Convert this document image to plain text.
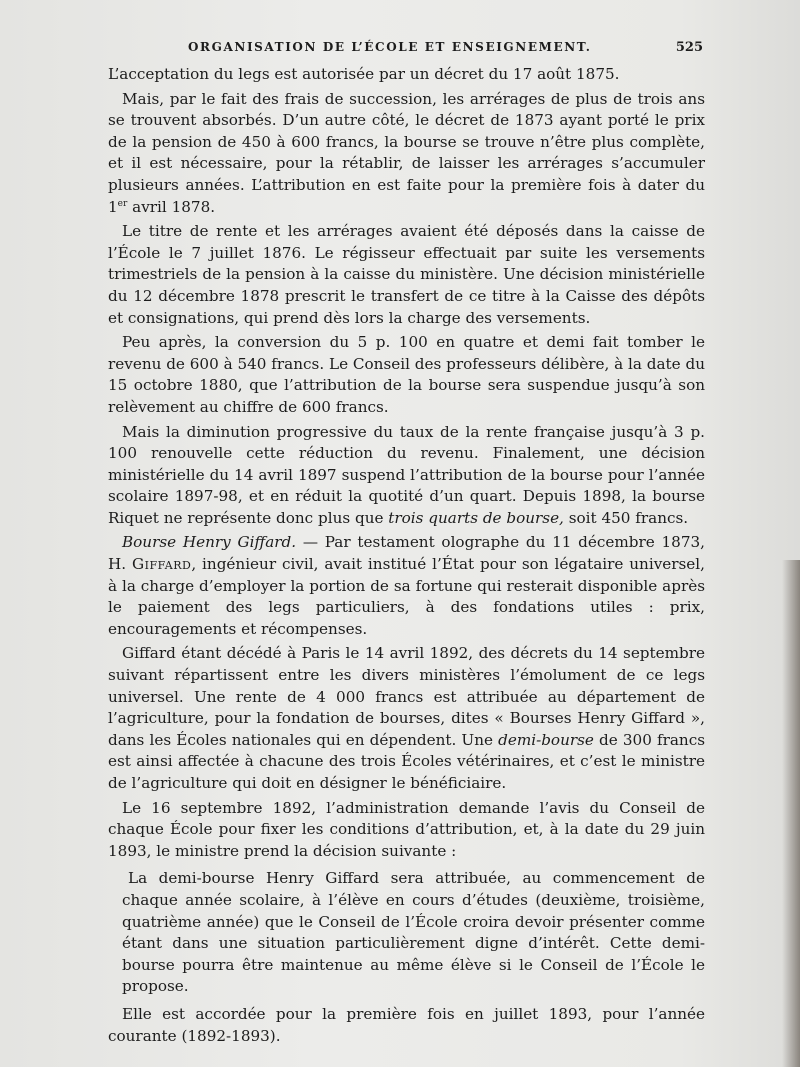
ORGANISATION DE L’ÉCOLE ET ENSEIGNEMENT.	525

L’acceptation du legs est autorisée par un décret du 17 août 1875.

Mais, par le fait des frais de succession, les arrérages de plus de trois ans se trouvent absorbés. D’un autre côté, le décret de 1873 ayant porté le prix de la pension de 450 à 600 francs, la bourse se trouve n’être plus complète, et il est nécessaire, pour la rétablir, de laisser les arrérages s’accumuler plusieurs années. L’attribution en est faite pour la première fois à dater du 1er avril 1878.

Le titre de rente et les arrérages avaient été déposés dans la caisse de l’École le 7 juillet 1876. Le régisseur effectuait par suite les versements trimestriels de la pension à la caisse du ministère. Une décision ministérielle du 12 décembre 1878 prescrit le transfert de ce titre à la Caisse des dépôts et consignations, qui prend dès lors la charge des versements.

Peu après, la conversion du 5 p. 100 en quatre et demi fait tomber le revenu de 600 à 540 francs. Le Conseil des professeurs délibère, à la date du 15 octobre 1880, que l’attribution de la bourse sera suspendue jusqu’à son relèvement au chiffre de 600 francs.

Mais la diminution progressive du taux de la rente française jusqu’à 3 p. 100 renouvelle cette réduction du revenu. Finalement, une décision ministérielle du 14 avril 1897 suspend l’attribution de la bourse pour l’année scolaire 1897-98, et en réduit la quotité d’un quart. Depuis 1898, la bourse Riquet ne représente donc plus que trois quarts de bourse, soit 450 francs.

Bourse Henry Giffard. — Par testament olographe du 11 décembre 1873, H. Giffard, ingénieur civil, avait institué l’État pour son légataire universel, à la charge d’employer la portion de sa fortune qui resterait disponible après le paiement des legs particuliers, à des fondations utiles : prix, encouragements et récompenses.

Giffard étant décédé à Paris le 14 avril 1892, des décrets du 14 septembre suivant répartissent entre les divers ministères l’émolument de ce legs universel. Une rente de 4 000 francs est attribuée au département de l’agriculture, pour la fondation de bourses, dites « Bourses Henry Giffard », dans les Écoles nationales qui en dépendent. Une demi-bourse de 300 francs est ainsi affectée à chacune des trois Écoles vétérinaires, et c’est le ministre de l’agriculture qui doit en désigner le bénéficiaire.

Le 16 septembre 1892, l’administration demande l’avis du Conseil de chaque École pour fixer les conditions d’attribution, et, à la date du 29 juin 1893, le ministre prend la décision suivante :

La demi-bourse Henry Giffard sera attribuée, au commencement de chaque année scolaire, à l’élève en cours d’études (deuxième, troisième, quatrième année) que le Conseil de l’École croira devoir présenter comme étant dans une situation particulièrement digne d’intérêt. Cette demi-bourse pourra être maintenue au même élève si le Conseil de l’École le propose.

Elle est accordée pour la première fois en juillet 1893, pour l’année courante (1892-1893).
